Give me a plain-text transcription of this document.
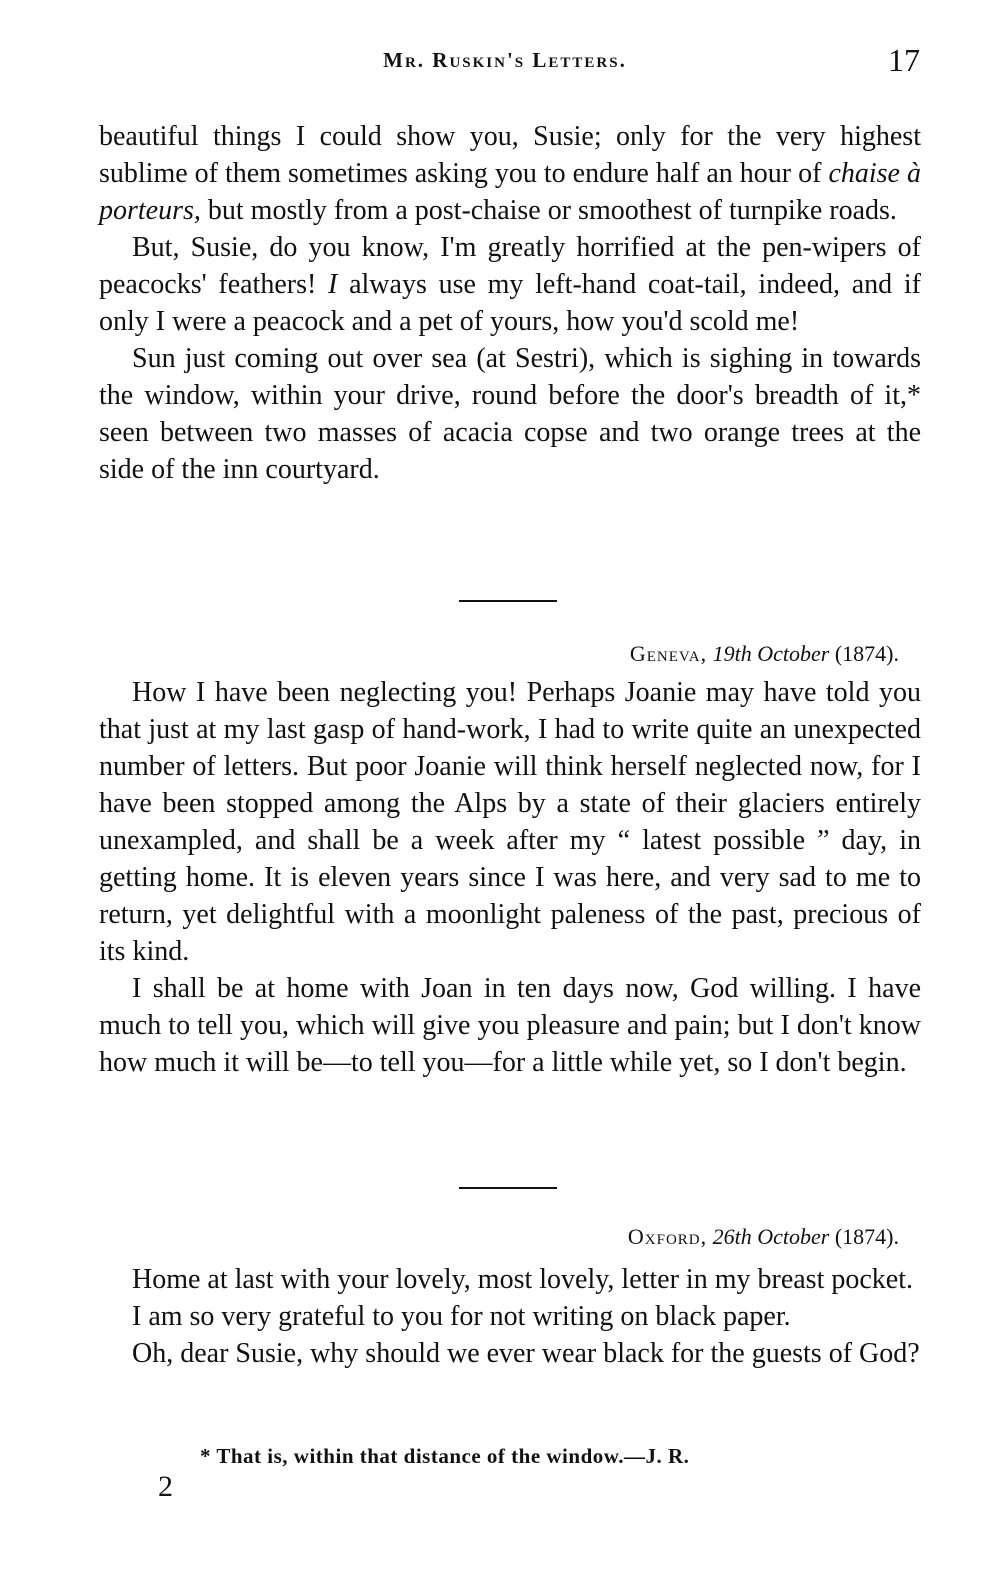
Mr. Ruskin's Letters.	17

beautiful things I could show you, Susie; only for the very highest sublime of them sometimes asking you to endure half an hour of chaise à porteurs, but mostly from a post-chaise or smoothest of turnpike roads.

But, Susie, do you know, I'm greatly horrified at the pen-wipers of peacocks' feathers! I always use my left-hand coat-tail, indeed, and if only I were a peacock and a pet of yours, how you'd scold me!

Sun just coming out over sea (at Sestri), which is sighing in towards the window, within your drive, round before the door's breadth of it,* seen between two masses of acacia copse and two orange trees at the side of the inn courtyard.

Geneva, 19th October (1874).

How I have been neglecting you! Perhaps Joanie may have told you that just at my last gasp of hand-work, I had to write quite an unexpected number of letters. But poor Joanie will think herself neglected now, for I have been stopped among the Alps by a state of their glaciers entirely unexampled, and shall be a week after my “ latest possible ” day, in getting home. It is eleven years since I was here, and very sad to me to return, yet delightful with a moonlight paleness of the past, precious of its kind.

I shall be at home with Joan in ten days now, God willing. I have much to tell you, which will give you pleasure and pain; but I don't know how much it will be—to tell you—for a little while yet, so I don't begin.

Oxford, 26th October (1874).

Home at last with your lovely, most lovely, letter in my breast pocket.

I am so very grateful to you for not writing on black paper.

Oh, dear Susie, why should we ever wear black for the guests of God?

* That is, within that distance of the window.—J. R.
2
